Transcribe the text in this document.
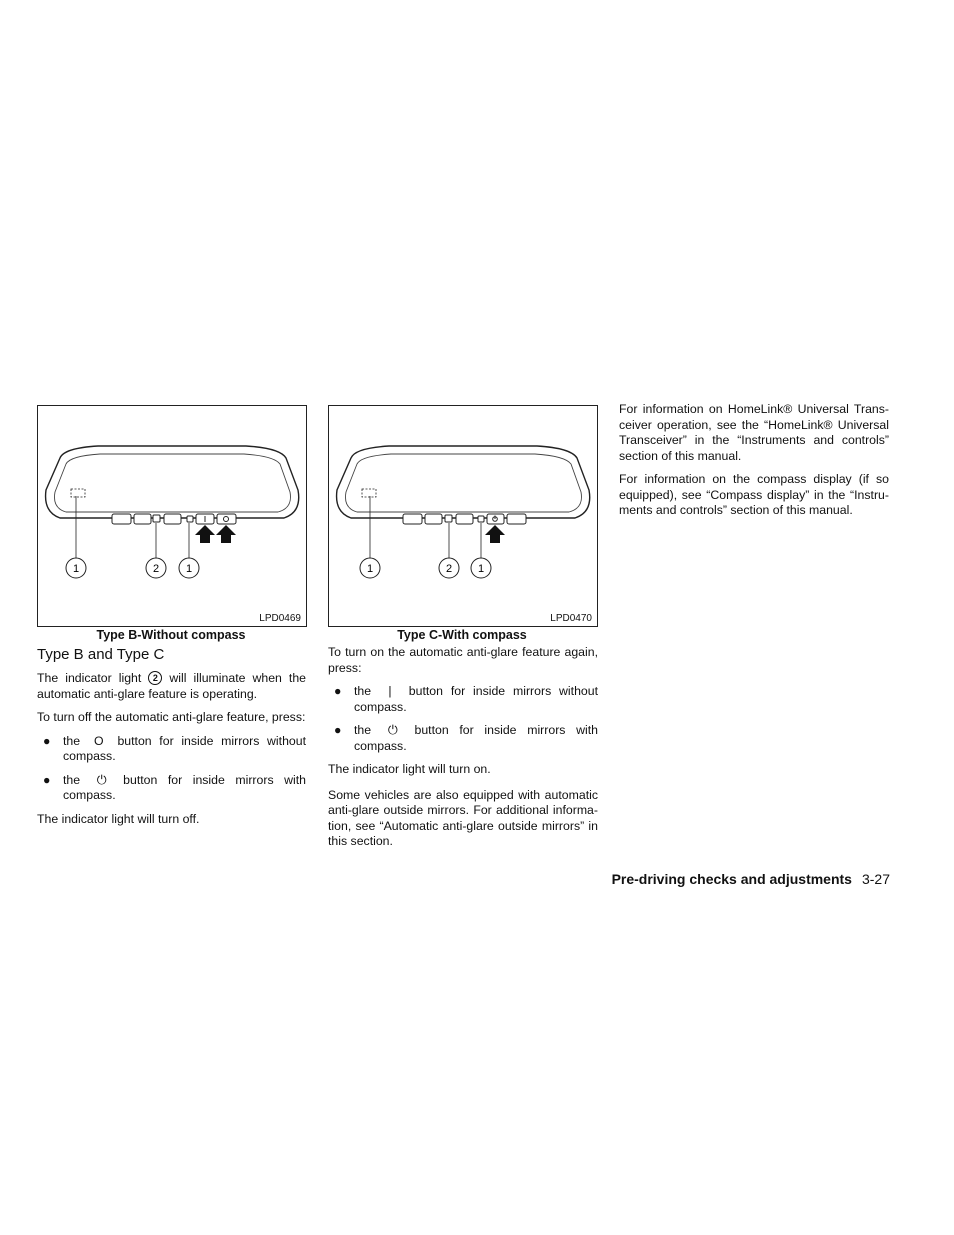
1	2 1
LPD0469
Type B-Without compass
1	2 1
LPD0470
Type C-With compass
Type B and Type C

The indicator light 2 will illuminate when the automatic anti-glare feature is operating.

To turn off the automatic anti-glare feature, press:

● the O button for inside mirrors without compass.
● the ⏻ button for inside mirrors with compass.

The indicator light will turn off.

To turn on the automatic anti-glare feature again, press:

● the | button for inside mirrors without compass.
● the ⏻ button for inside mirrors with compass.

The indicator light will turn on.

Some vehicles are also equipped with automatic anti-glare outside mirrors. For additional informa-tion, see “Automatic anti-glare outside mirrors” in this section.

For information on HomeLink® Universal Trans-ceiver operation, see the “HomeLink® Universal Transceiver” in the “Instruments and controls” section of this manual.

For information on the compass display (if so equipped), see “Compass display” in the “Instru-ments and controls” section of this manual.

Pre-driving checks and adjustments 3-27
